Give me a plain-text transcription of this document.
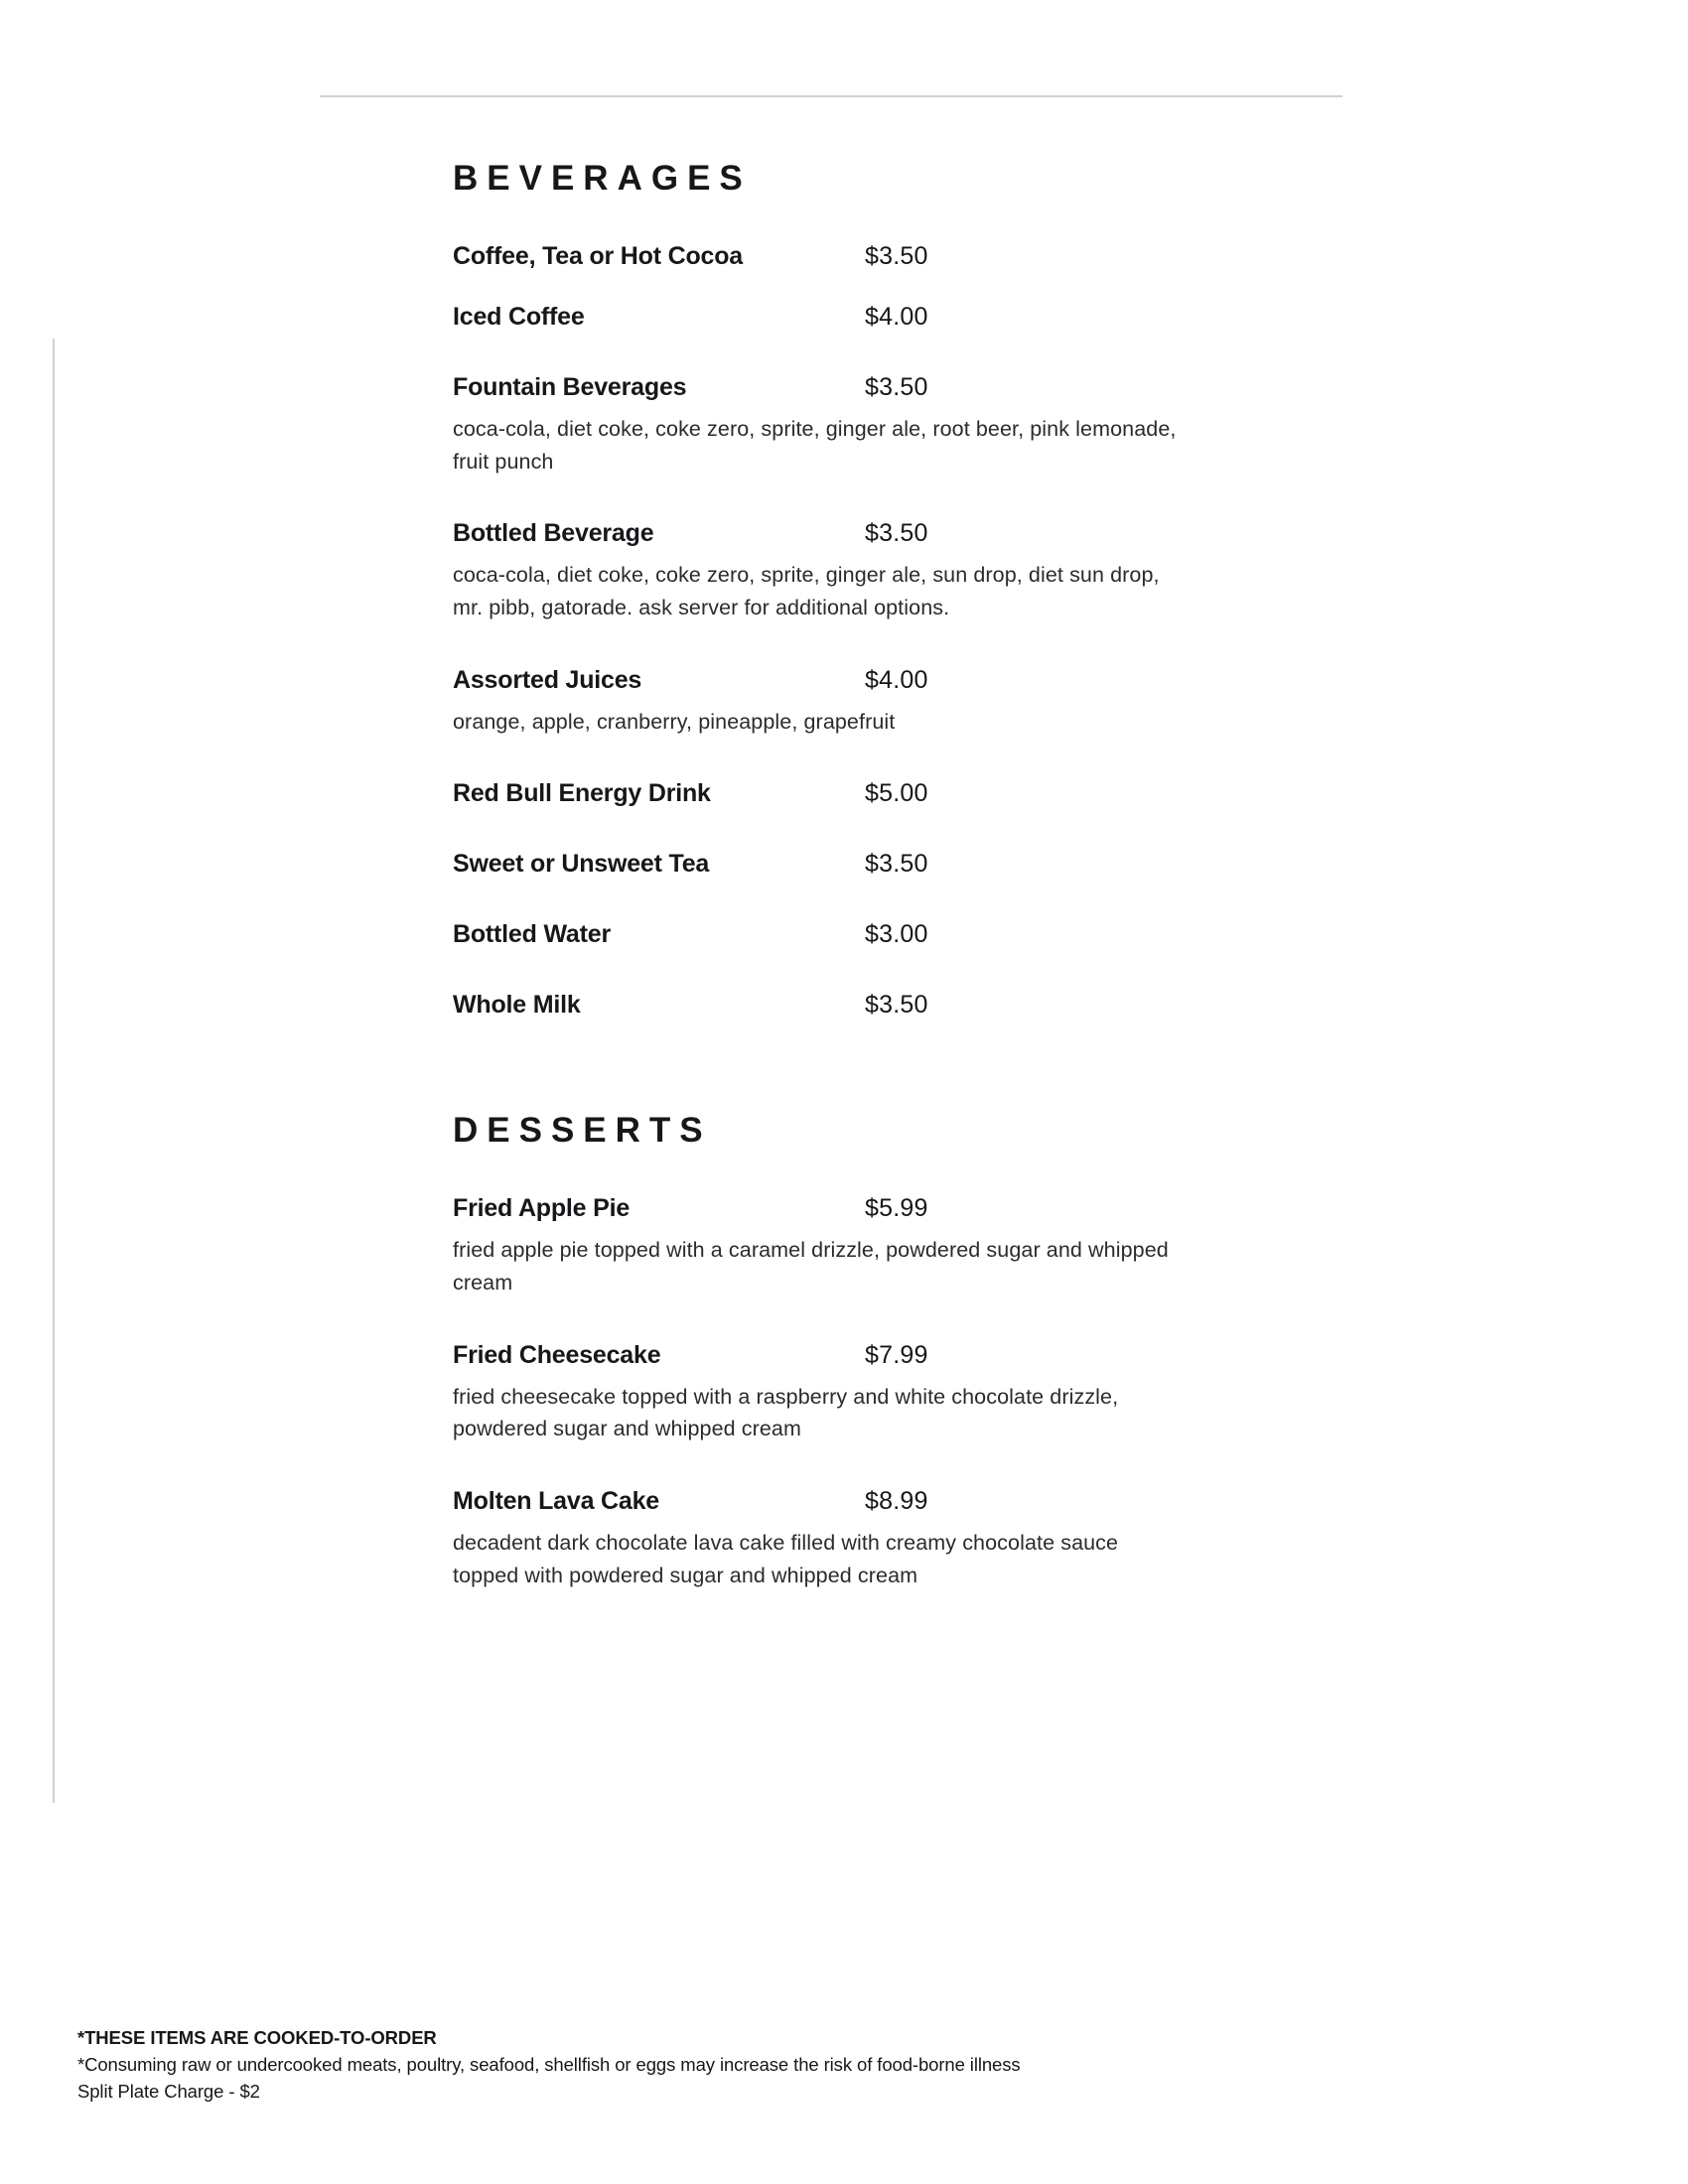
BEVERAGES
Coffee, Tea or Hot Cocoa	$3.50
Iced Coffee	$4.00
Fountain Beverages	$3.50
coca-cola, diet coke, coke zero, sprite, ginger ale, root beer, pink lemonade, fruit punch
Bottled Beverage	$3.50
coca-cola, diet coke, coke zero, sprite, ginger ale, sun drop, diet sun drop, mr. pibb, gatorade. ask server for additional options.
Assorted Juices	$4.00
orange, apple, cranberry, pineapple, grapefruit
Red Bull Energy Drink	$5.00
Sweet or Unsweet Tea	$3.50
Bottled Water	$3.00
Whole Milk	$3.50
DESSERTS
Fried Apple Pie	$5.99
fried apple pie topped with a caramel drizzle, powdered sugar and whipped cream
Fried Cheesecake	$7.99
fried cheesecake topped with a raspberry and white chocolate drizzle, powdered sugar and whipped cream
Molten Lava Cake	$8.99
decadent dark chocolate lava cake filled with creamy chocolate sauce topped with powdered sugar and whipped cream
*THESE ITEMS ARE COOKED-TO-ORDER
*Consuming raw or undercooked meats, poultry, seafood, shellfish or eggs may increase the risk of food-borne illness
Split Plate Charge - $2
